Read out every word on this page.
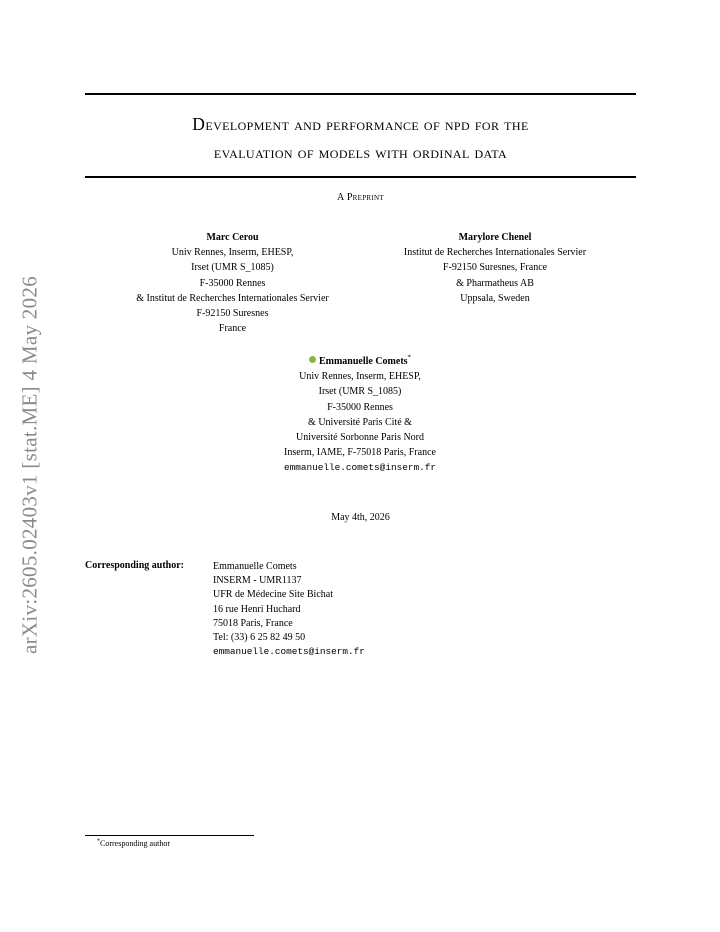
arXiv:2605.02403v1 [stat.ME] 4 May 2026
Development and performance of npd for the
evaluation of models with ordinal data
A Preprint
Marc Cerou
Univ Rennes, Inserm, EHESP,
Irset (UMR S_1085)
F-35000 Rennes
& Institut de Recherches Internationales Servier
F-92150 Suresnes
France
Marylore Chenel
Institut de Recherches Internationales Servier
F-92150 Suresnes, France
& Pharmatheus AB
Uppsala, Sweden
Emmanuelle Comets*
Univ Rennes, Inserm, EHESP,
Irset (UMR S_1085)
F-35000 Rennes
& Université Paris Cité &
Université Sorbonne Paris Nord
Inserm, IAME, F-75018 Paris, France
emmanuelle.comets@inserm.fr
May 4th, 2026
Corresponding author:	Emmanuelle Comets
INSERM - UMR1137
UFR de Médecine Site Bichat
16 rue Henri Huchard
75018 Paris, France
Tel: (33) 6 25 82 49 50
emmanuelle.comets@inserm.fr
*Corresponding author
